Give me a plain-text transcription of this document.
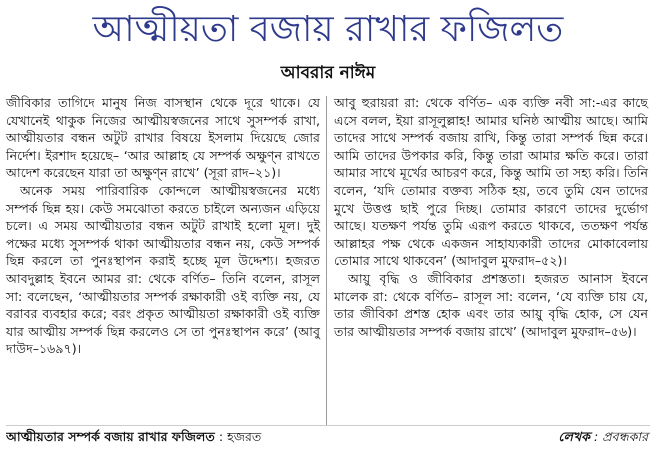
আত্মীয়তা বজায় রাখার ফজিলত
আবরার নাঈম

জীবিকার তাগিদে মানুষ নিজ বাসস্থান থেকে দূরে থাকে। যে যেখানেই থাকুক নিজের আত্মীয়স্বজনের সাথে সুসম্পর্ক রাখা, আত্মীয়তার বন্ধন অটুট রাখার বিষয়ে ইসলাম দিয়েছে জোর নির্দেশ। ইরশাদ হয়েছে– ‘আর আল্লাহ যে সম্পর্ক অক্ষুণ্ন রাখতে আদেশ করেছেন যারা তা অক্ষুণ্ন রাখে’ (সূরা রাদ–২১)।

অনেক সময় পারিবারিক কোন্দলে আত্মীয়স্বজনের মধ্যে সম্পর্ক ছিন্ন হয়। কেউ সমঝোতা করতে চাইলে অন্যজন এড়িয়ে চলে। এ সময় আত্মীয়তার বন্ধন অটুট রাখাই হলো মূল। দুই পক্ষের মধ্যে সুসম্পর্ক থাকা আত্মীয়তার বন্ধন নয়, কেউ সম্পর্ক ছিন্ন করলে তা পুনঃস্থাপন করাই হচ্ছে মূল উদ্দেশ্য। হজরত আবদুল্লাহ ইবনে আমর রা: থেকে বর্ণিত– তিনি বলেন, রাসূল সা: বলেছেন, ‘আত্মীয়তার সম্পর্ক রক্ষাকারী ওই ব্যক্তি নয়, যে বরাবর ব্যবহার করে; বরং প্রকৃত আত্মীয়তা রক্ষাকারী ওই ব্যক্তি যার আত্মীয় সম্পর্ক ছিন্ন করলেও সে তা পুনঃস্থাপন করে’ (আবু দাউদ–১৬৯৭)।

আবু হুরায়রা রা: থেকে বর্ণিত– এক ব্যক্তি নবী সা:-এর কাছে এসে বলল, ইয়া রাসূলুল্লাহ! আমার ঘনিষ্ঠ আত্মীয় আছে। আমি তাদের সাথে সম্পর্ক বজায় রাখি, কিন্তু তারা সম্পর্ক ছিন্ন করে। আমি তাদের উপকার করি, কিন্তু তারা আমার ক্ষতি করে। তারা আমার সাথে মূর্খের আচরণ করে, কিন্তু আমি তা সহ্য করি। তিনি বলেন, ‘যদি তোমার বক্তব্য সঠিক হয়, তবে তুমি যেন তাদের মুখে উত্তপ্ত ছাই পুরে দিচ্ছ। তোমার কারণে তাদের দুর্ভোগ আছে। যতক্ষণ পর্যন্ত তুমি এরূপ করতে থাকবে, ততক্ষণ পর্যন্ত আল্লাহর পক্ষ থেকে একজন সাহায্যকারী তাদের মোকাবেলায় তোমার সাথে থাকবেন’ (আদাবুল মুফরাদ–৫২)।

আয়ু বৃদ্ধি ও জীবিকার প্রশস্ততা। হজরত আনাস ইবনে মালেক রা: থেকে বর্ণিত– রাসূল সা: বলেন, ‘যে ব্যক্তি চায় যে, তার জীবিকা প্রশস্ত হোক এবং তার আয়ু বৃদ্ধি হোক, সে যেন তার আত্মীয়তার সম্পর্ক বজায় রাখে’ (আদাবুল মুফরাদ–৫৬)।

আত্মীয়তার সম্পর্ক বজায় রাখার ফজিলত : হজরত	লেখক : প্রবন্ধকার
